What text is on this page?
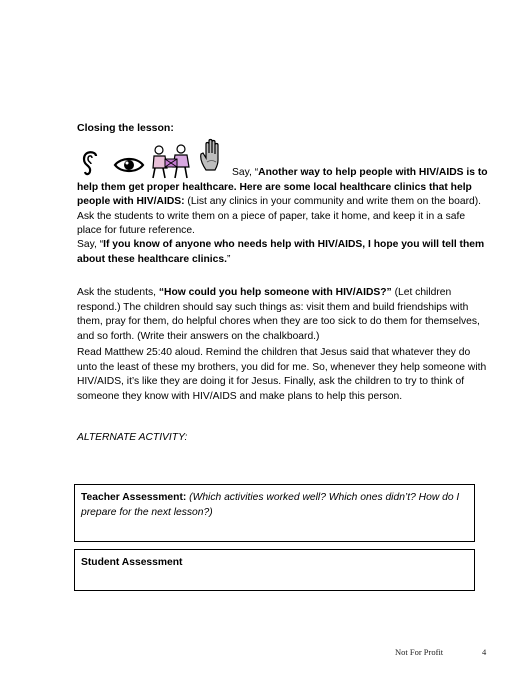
Closing the lesson:
Say, “Another way to help people with HIV/AIDS is to help them get proper healthcare. Here are some local healthcare clinics that help people with HIV/AIDS: (List any clinics in your community and write them on the board). Ask the students to write them on a piece of paper, take it home, and keep it in a safe place for future reference.
Say, “If you know of anyone who needs help with HIV/AIDS, I hope you will tell them about these healthcare clinics.”
Ask the students, “How could you help someone with HIV/AIDS?” (Let children respond.) The children should say such things as: visit them and build friendships with them, pray for them, do helpful chores when they are too sick to do them for themselves, and so forth. (Write their answers on the chalkboard.)
Read Matthew 25:40 aloud. Remind the children that Jesus said that whatever they do unto the least of these my brothers, you did for me. So, whenever they help someone with HIV/AIDS, it’s like they are doing it for Jesus. Finally, ask the children to try to think of someone they know with HIV/AIDS and make plans to help this person.
ALTERNATE ACTIVITY:
Teacher Assessment: (Which activities worked well? Which ones didn’t? How do I prepare for the next lesson?)
Student Assessment
Not For Profit	4
